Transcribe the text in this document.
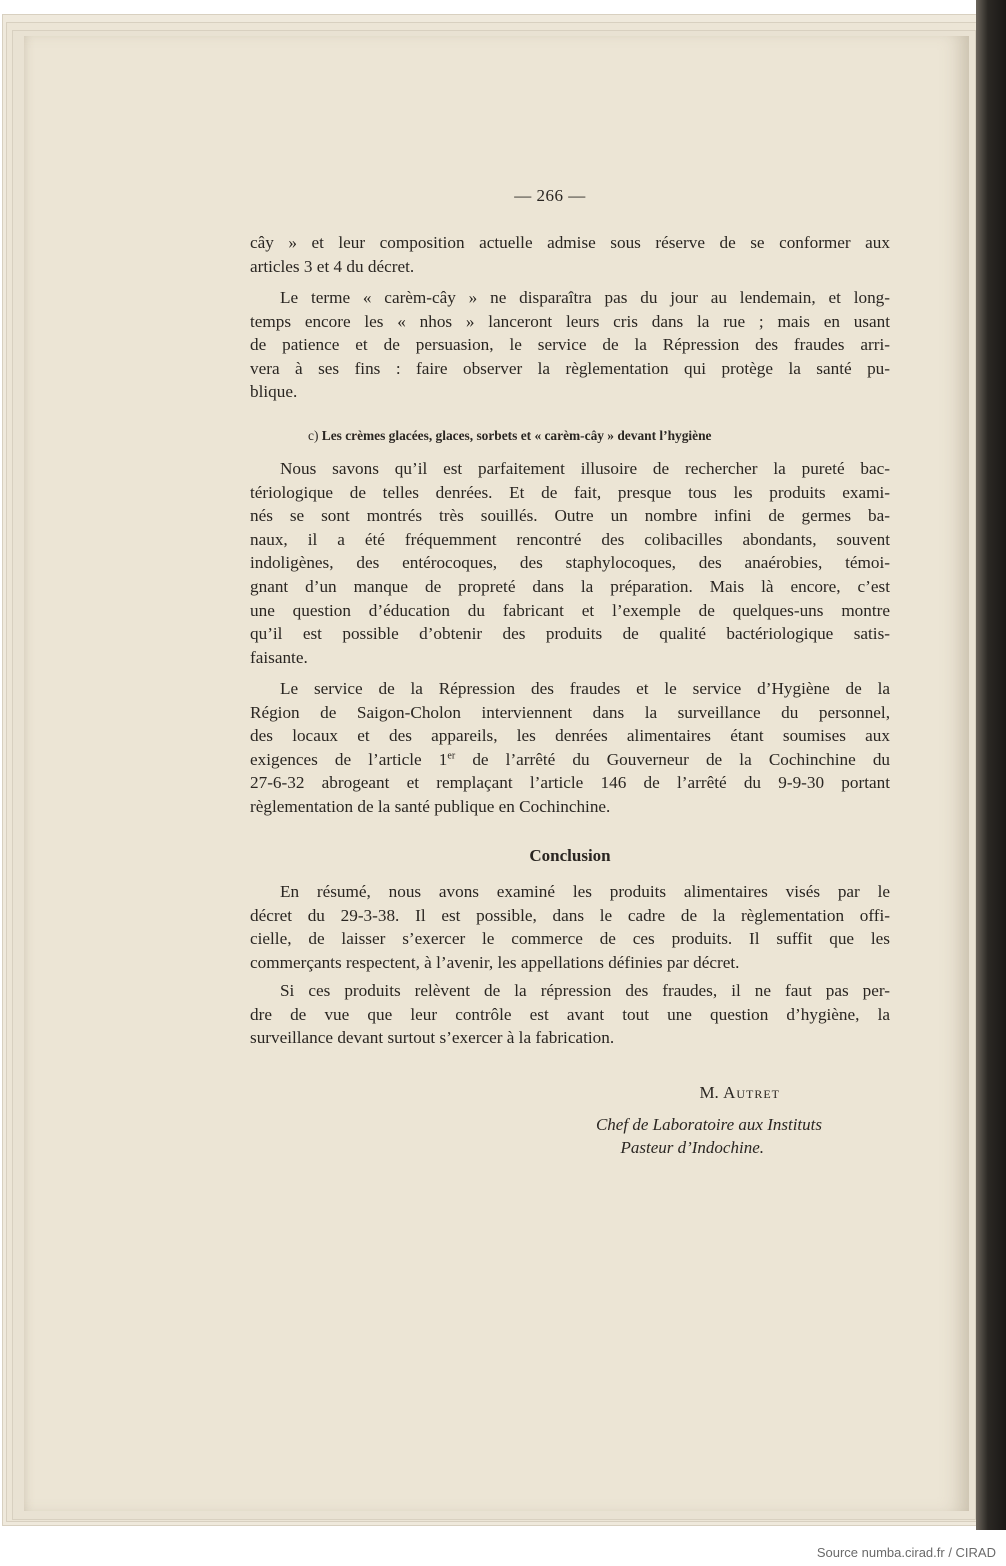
— 266 —

cây » et leur composition actuelle admise sous réserve de se conformer aux

articles 3 et 4 du décret.

Le terme « carèm-cây » ne disparaîtra pas du jour au lendemain, et long-

temps encore les « nhos » lanceront leurs cris dans la rue ; mais en usant

de patience et de persuasion, le service de la Répression des fraudes arri-

vera à ses fins : faire observer la règlementation qui protège la santé pu-

blique.

c) Les crèmes glacées, glaces, sorbets et « carèm-cây » devant l’hygiène

Nous savons qu’il est parfaitement illusoire de rechercher la pureté bac-

tériologique de telles denrées. Et de fait, presque tous les produits exami-

nés se sont montrés très souillés. Outre un nombre infini de germes ba-

naux, il a été fréquemment rencontré des colibacilles abondants, souvent

indoligènes, des entérocoques, des staphylocoques, des anaérobies, témoi-

gnant d’un manque de propreté dans la préparation. Mais là encore, c’est

une question d’éducation du fabricant et l’exemple de quelques-uns montre

qu’il est possible d’obtenir des produits de qualité bactériologique satis-

faisante.

Le service de la Répression des fraudes et le service d’Hygiène de la

Région de Saigon-Cholon interviennent dans la surveillance du personnel,

des locaux et des appareils, les denrées alimentaires étant soumises aux

exigences de l’article 1er de l’arrêté du Gouverneur de la Cochinchine du

27-6-32 abrogeant et remplaçant l’article 146 de l’arrêté du 9-9-30 portant

règlementation de la santé publique en Cochinchine.

Conclusion

En résumé, nous avons examiné les produits alimentaires visés par le

décret du 29-3-38. Il est possible, dans le cadre de la règlementation offi-

cielle, de laisser s’exercer le commerce de ces produits. Il suffit que les

commerçants respectent, à l’avenir, les appellations définies par décret.

Si ces produits relèvent de la répression des fraudes, il ne faut pas per-

dre de vue que leur contrôle est avant tout une question d’hygiène, la

surveillance devant surtout s’exercer à la fabrication.

M. Autret
Chef de Laboratoire aux Instituts
Pasteur d’Indochine.
Source numba.cirad.fr / CIRAD
